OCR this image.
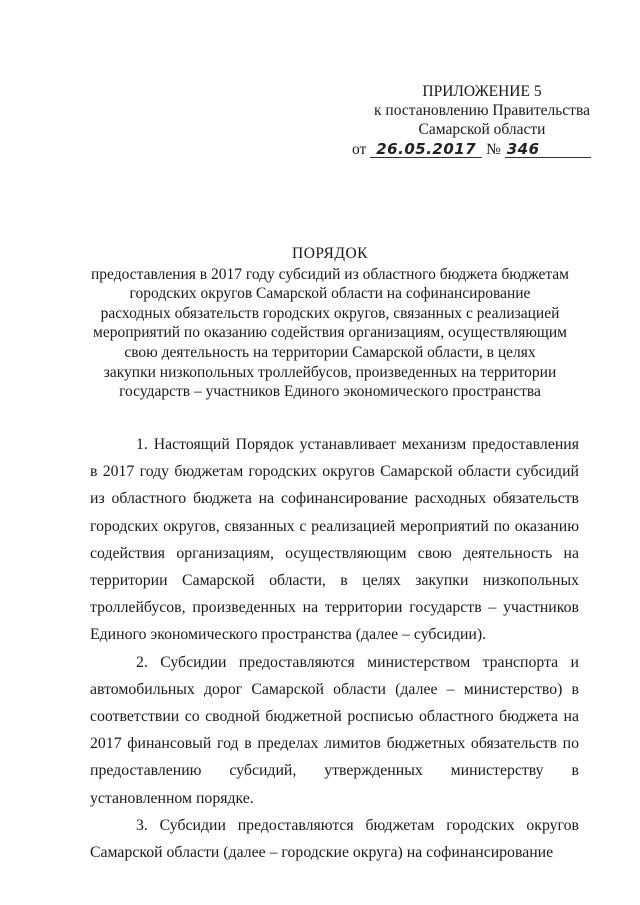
ПРИЛОЖЕНИЕ 5
к постановлению Правительства
Самарской области
от 26.05.2017 № 346
ПОРЯДОК
предоставления в 2017 году субсидий из областного бюджета бюджетам
городских округов Самарской области на софинансирование
расходных обязательств городских округов, связанных с реализацией
мероприятий по оказанию содействия организациям, осуществляющим
свою деятельность на территории Самарской области, в целях
закупки низкопольных троллейбусов, произведенных на территории
государств – участников Единого экономического пространства

1. Настоящий Порядок устанавливает механизм предоставления в 2017 году бюджетам городских округов Самарской области субсидий из областного бюджета на софинансирование расходных обязательств городских округов, связанных с реализацией мероприятий по оказанию содействия организациям, осуществляющим свою деятельность на территории Самарской области, в целях закупки низкопольных троллейбусов, произведенных на территории государств – участников Единого экономического пространства (далее – субсидии).

2. Субсидии предоставляются министерством транспорта и автомобильных дорог Самарской области (далее – министерство) в соответствии со сводной бюджетной росписью областного бюджета на 2017 финансовый год в пределах лимитов бюджетных обязательств по предоставлению субсидий, утвержденных министерству в установленном порядке.

3. Субсидии предоставляются бюджетам городских округов Самарской области (далее – городские округа) на софинансирование
